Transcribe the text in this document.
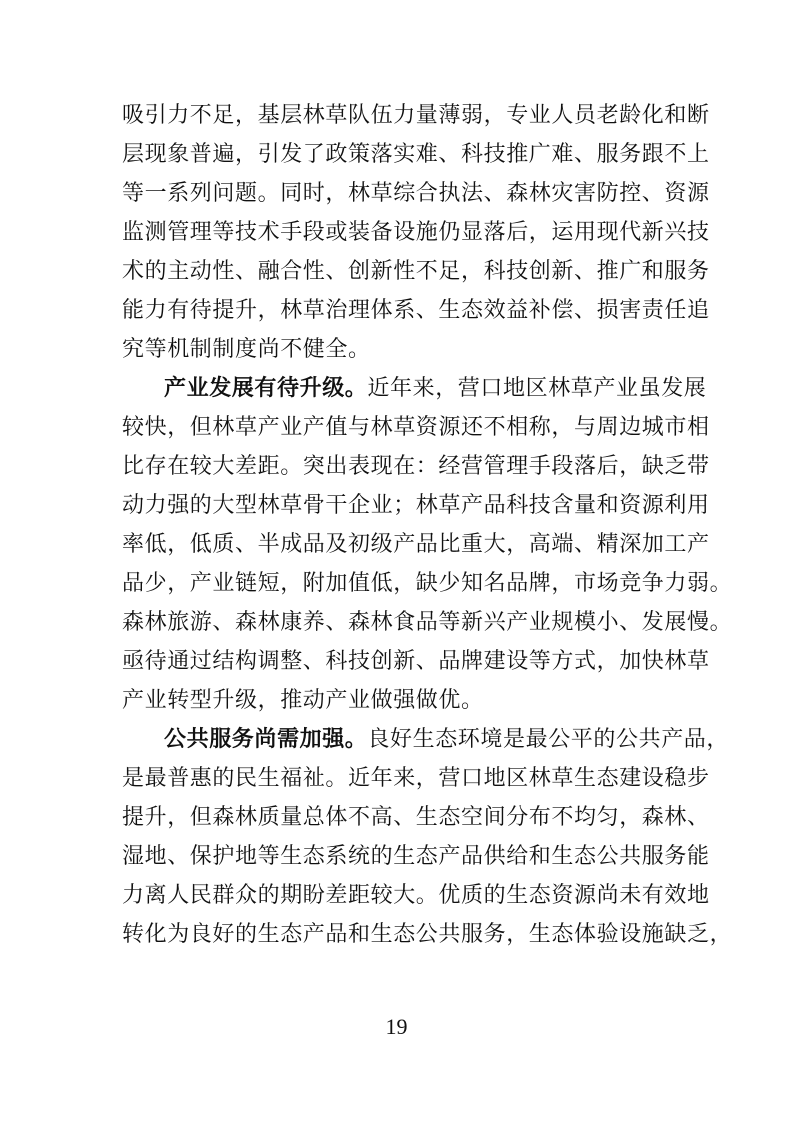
吸引力不足，基层林草队伍力量薄弱，专业人员老龄化和断
层现象普遍，引发了政策落实难、科技推广难、服务跟不上
等一系列问题。同时，林草综合执法、森林灾害防控、资源
监测管理等技术手段或装备设施仍显落后，运用现代新兴技
术的主动性、融合性、创新性不足，科技创新、推广和服务
能力有待提升，林草治理体系、生态效益补偿、损害责任追
究等机制制度尚不健全。
产业发展有待升级。近年来，营口地区林草产业虽发展
较快，但林草产业产值与林草资源还不相称，与周边城市相
比存在较大差距。突出表现在：经营管理手段落后，缺乏带
动力强的大型林草骨干企业；林草产品科技含量和资源利用
率低，低质、半成品及初级产品比重大，高端、精深加工产
品少，产业链短，附加值低，缺少知名品牌，市场竞争力弱。
森林旅游、森林康养、森林食品等新兴产业规模小、发展慢。
亟待通过结构调整、科技创新、品牌建设等方式，加快林草
产业转型升级，推动产业做强做优。
公共服务尚需加强。良好生态环境是最公平的公共产品，
是最普惠的民生福祉。近年来，营口地区林草生态建设稳步
提升，但森林质量总体不高、生态空间分布不均匀，森林、
湿地、保护地等生态系统的生态产品供给和生态公共服务能
力离人民群众的期盼差距较大。优质的生态资源尚未有效地
转化为良好的生态产品和生态公共服务，生态体验设施缺乏，
19
